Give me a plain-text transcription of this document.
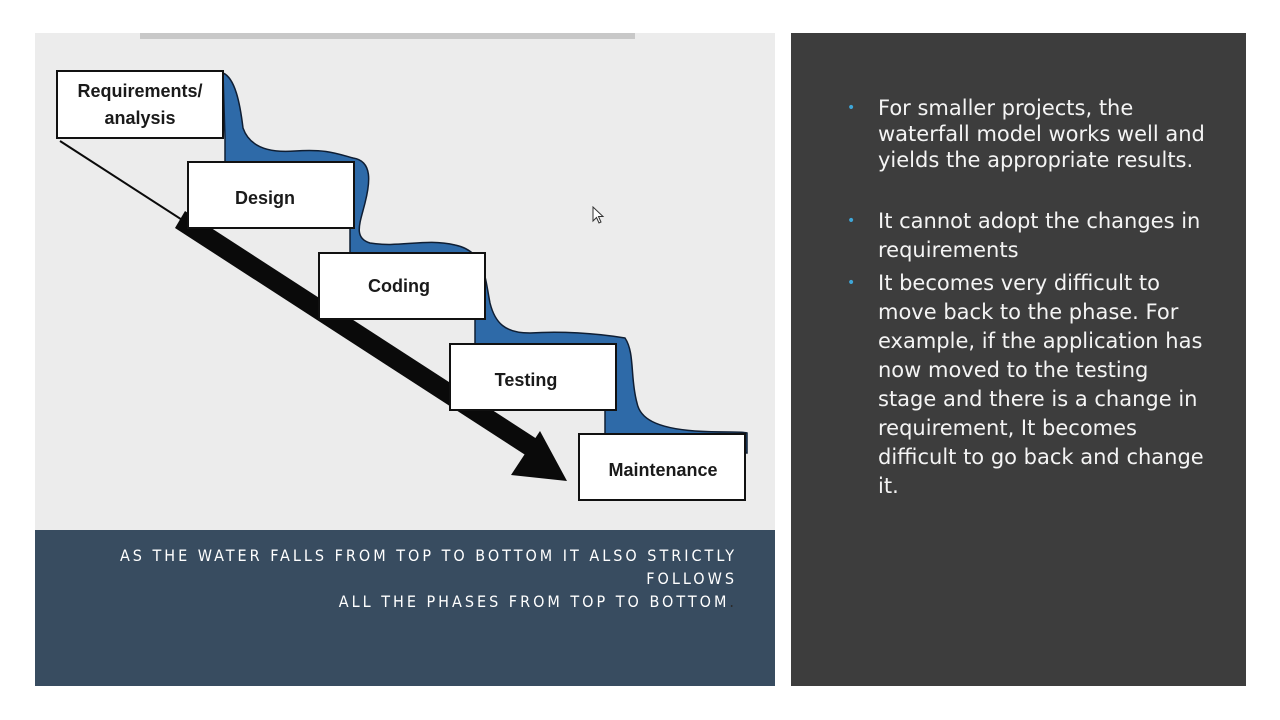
Requirements/
analysis
Design
Coding
Testing
Maintenance
AS THE WATER FALLS FROM TOP TO BOTTOM IT ALSO STRICTLY FOLLOWS
ALL THE PHASES FROM TOP TO BOTTOM.
• For smaller projects, the waterfall model works well and yields the appropriate results.
• It cannot adopt the changes in requirements
• It becomes very difficult to move back to the phase. For example, if the application has now moved to the testing stage and there is a change in requirement, It becomes difficult to go back and change it.
